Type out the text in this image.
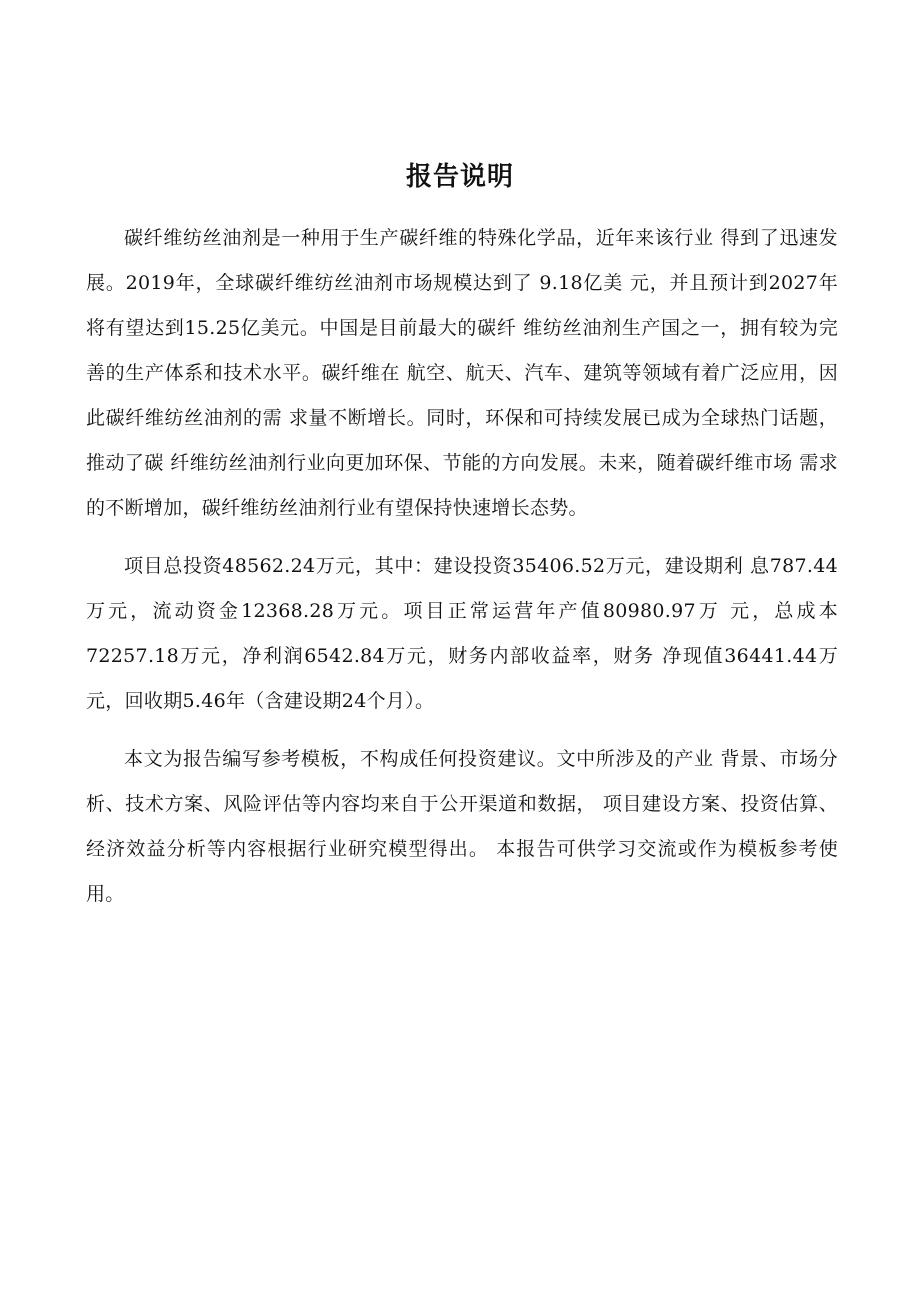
报告说明

碳纤维纺丝油剂是一种用于生产碳纤维的特殊化学品，近年来该行业 得到了迅速发展。2019年，全球碳纤维纺丝油剂市场规模达到了 9.18亿美 元，并且预计到2027年将有望达到15.25亿美元。中国是目前最大的碳纤 维纺丝油剂生产国之一，拥有较为完善的生产体系和技术水平。碳纤维在 航空、航天、汽车、建筑等领域有着广泛应用，因此碳纤维纺丝油剂的需 求量不断增长。同时，环保和可持续发展已成为全球热门话题，推动了碳 纤维纺丝油剂行业向更加环保、节能的方向发展。未来，随着碳纤维市场 需求的不断增加，碳纤维纺丝油剂行业有望保持快速增长态势。

项目总投资48562.24万元，其中：建设投资35406.52万元，建设期利 息787.44万元，流动资金12368.28万元。项目正常运营年产值80980.97万 元，总成本72257.18万元，净利润6542.84万元，财务内部收益率，财务 净现值36441.44万元，回收期5.46年（含建设期24个月）。

本文为报告编写参考模板，不构成任何投资建议。文中所涉及的产业 背景、市场分析、技术方案、风险评估等内容均来自于公开渠道和数据， 项目建设方案、投资估算、经济效益分析等内容根据行业研究模型得出。 本报告可供学习交流或作为模板参考使用。
